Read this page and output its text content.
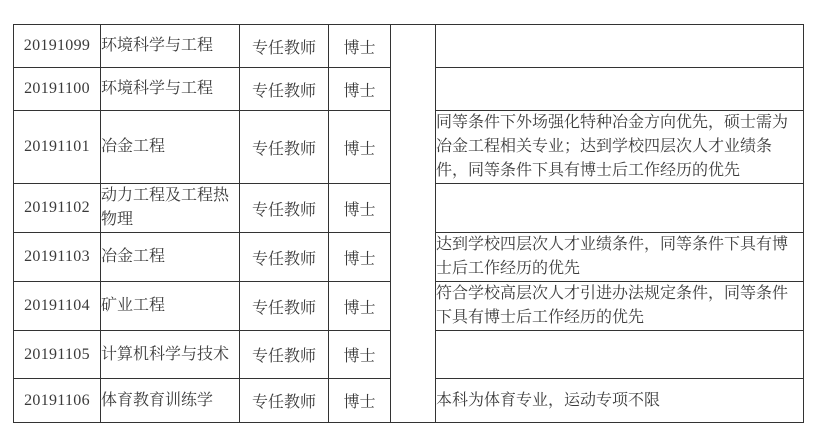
20191099	环境科学与工程	专任教师	博士		
20191100	环境科学与工程	专任教师	博士		
20191101	冶金工程	专任教师	博士		同等条件下外场强化特种冶金方向优先，硕士需为冶金工程相关专业；达到学校四层次人才业绩条件，同等条件下具有博士后工作经历的优先
20191102	动力工程及工程热物理	专任教师	博士		
20191103	冶金工程	专任教师	博士		达到学校四层次人才业绩条件，同等条件下具有博士后工作经历的优先
20191104	矿业工程	专任教师	博士		符合学校高层次人才引进办法规定条件，同等条件下具有博士后工作经历的优先
20191105	计算机科学与技术	专任教师	博士		
20191106	体育教育训练学	专任教师	博士		本科为体育专业，运动专项不限
